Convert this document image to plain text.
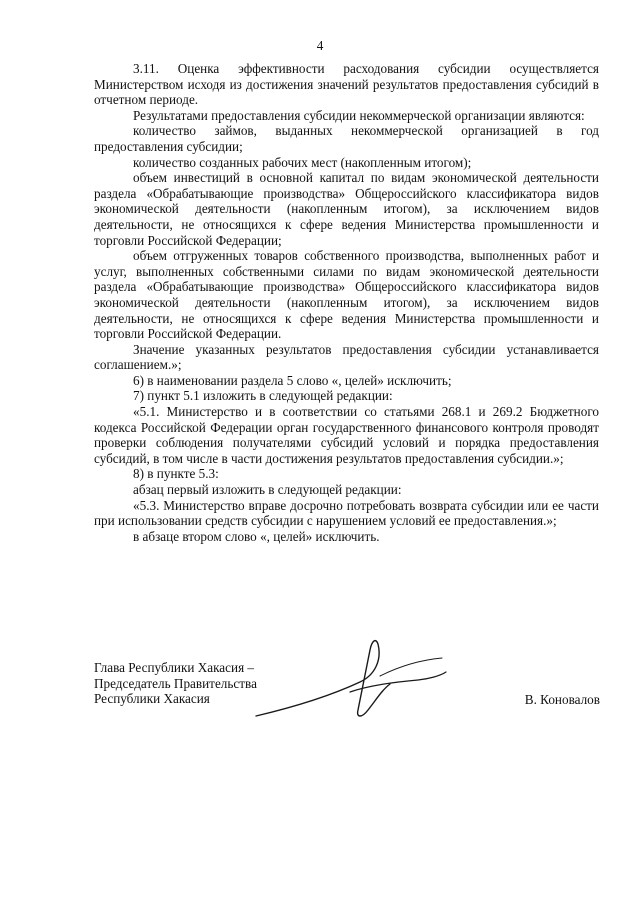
4

3.11. Оценка эффективности расходования субсидии осуществляется Министерством исходя из достижения значений результатов предоставления субсидий в отчетном периоде.

Результатами предоставления субсидии некоммерческой организации являются:

количество займов, выданных некоммерческой организацией в год предоставления субсидии;

количество созданных рабочих мест (накопленным итогом);

объем инвестиций в основной капитал по видам экономической деятельности раздела «Обрабатывающие производства» Общероссийского классификатора видов экономической деятельности (накопленным итогом), за исключением видов деятельности, не относящихся к сфере ведения Министерства промышленности и торговли Российской Федерации;

объем отгруженных товаров собственного производства, выполненных работ и услуг, выполненных собственными силами по видам экономической деятельности раздела «Обрабатывающие производства» Общероссийского классификатора видов экономической деятельности (накопленным итогом), за исключением видов деятельности, не относящихся к сфере ведения Министерства промышленности и торговли Российской Федерации.

Значение указанных результатов предоставления субсидии устанавливается соглашением.»;

6) в наименовании раздела 5 слово «, целей» исключить;

7) пункт 5.1 изложить в следующей редакции:

«5.1. Министерство и в соответствии со статьями 268.1 и 269.2 Бюджетного кодекса Российской Федерации орган государственного финансового контроля проводят проверки соблюдения получателями субсидий условий и порядка предоставления субсидий, в том числе в части достижения результатов предоставления субсидии.»;

8) в пункте 5.3:

абзац первый изложить в следующей редакции:

«5.3. Министерство вправе досрочно потребовать возврата субсидии или ее части при использовании средств субсидии с нарушением условий ее предоставления.»;

в абзаце втором слово «, целей» исключить.

Глава Республики Хакасия –
Председатель Правительства
Республики Хакасия	В. Коновалов
